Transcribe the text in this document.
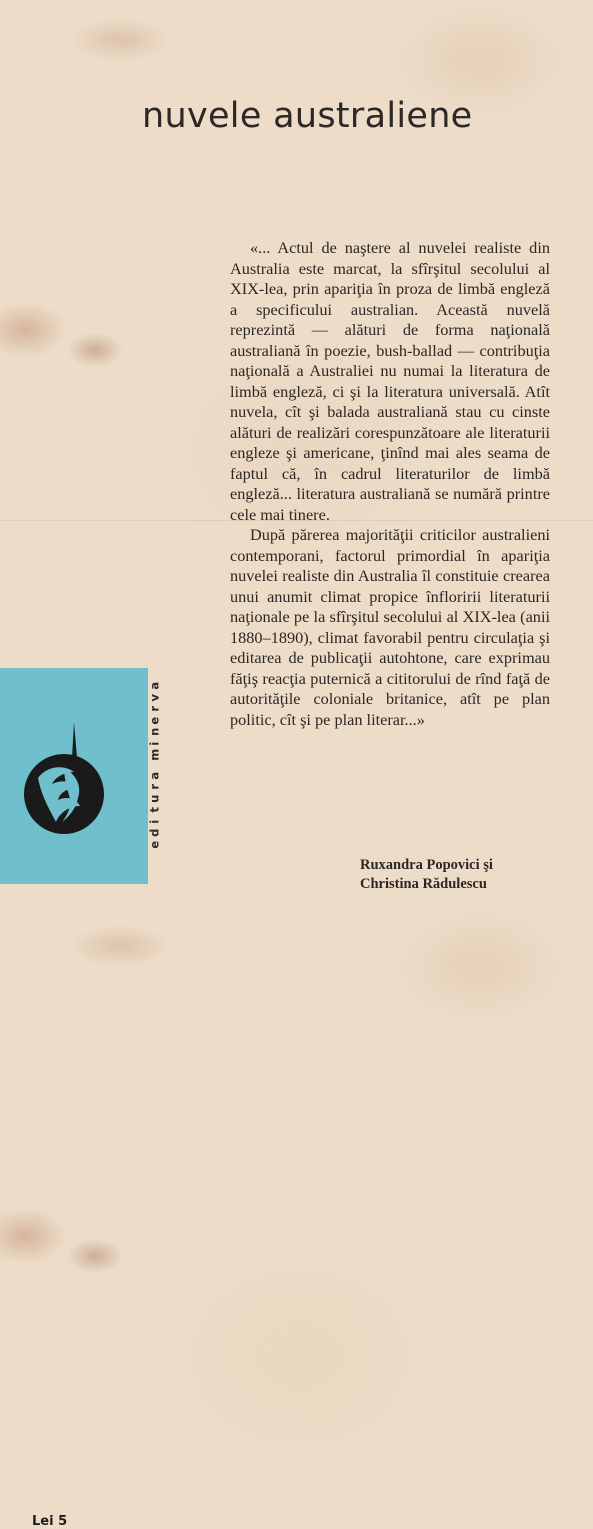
nuvele australiene

«... Actul de naştere al nuvelei realiste din Australia este marcat, la sfîrşitul secolului al XIX-lea, prin apariţia în proza de limbă engleză a specificului australian. Această nuvelă reprezintă — alături de forma naţională australiană în poezie, bush-ballad — contribuţia naţională a Australiei nu numai la literatura de limbă engleză, ci şi la literatura universală. Atît nuvela, cît şi balada australiană stau cu cinste alături de realizări corespunzătoare ale literaturii engleze şi americane, ţinînd mai ales seama de faptul că, în cadrul literaturilor de limbă engleză... literatura australiană se numără printre cele mai tinere.

După părerea majorităţii criticilor australieni contemporani, factorul primordial în apariţia nuvelei realiste din Australia îl constituie crearea unui anumit climat propice înfloririi literaturii naţionale pe la sfîrşitul secolului al XIX-lea (anii 1880–1890), climat favorabil pentru circulaţia şi editarea de publicaţii autohtone, care exprimau făţiş reacţia puternică a cititorului de rînd faţă de autorităţile coloniale britanice, atît pe plan politic, cît şi pe plan literar...»

Lei 5
a
v
r
e
n
i
m
a
r
u
t
i
d
e
Ruxandra Popovici şi
Christina Rădulescu
